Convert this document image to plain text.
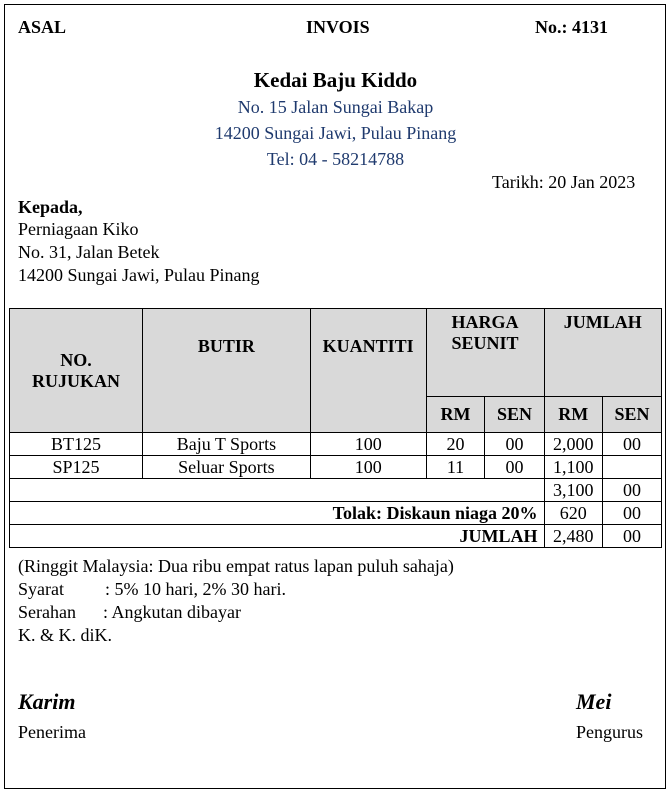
ASAL	INVOIS	No.: 4131
Kedai Baju Kiddo
No. 15 Jalan Sungai Bakap
14200 Sungai Jawi, Pulau Pinang
Tel: 04 - 58214788
Tarikh: 20 Jan 2023
Kepada,
Perniagaan Kiko
No. 31, Jalan Betek
14200 Sungai Jawi, Pulau Pinang
NO. RUJUKAN	BUTIR	KUANTITI	HARGA SEUNIT		JUMLAH	
			RM	SEN	RM	SEN
BT125	Baju T Sports	100	20	00	2,000	00
SP125	Seluar Sports	100	11	00	1,100	
					3,100	00
Tolak: Diskaun niaga 20%					620	00
JUMLAH					2,480	00
(Ringgit Malaysia: Dua ribu empat ratus lapan puluh sahaja)
Syarat : 5% 10 hari, 2% 30 hari.
Serahan : Angkutan dibayar
K. & K. diK.
Karim
Penerima
Mei
Pengurus
